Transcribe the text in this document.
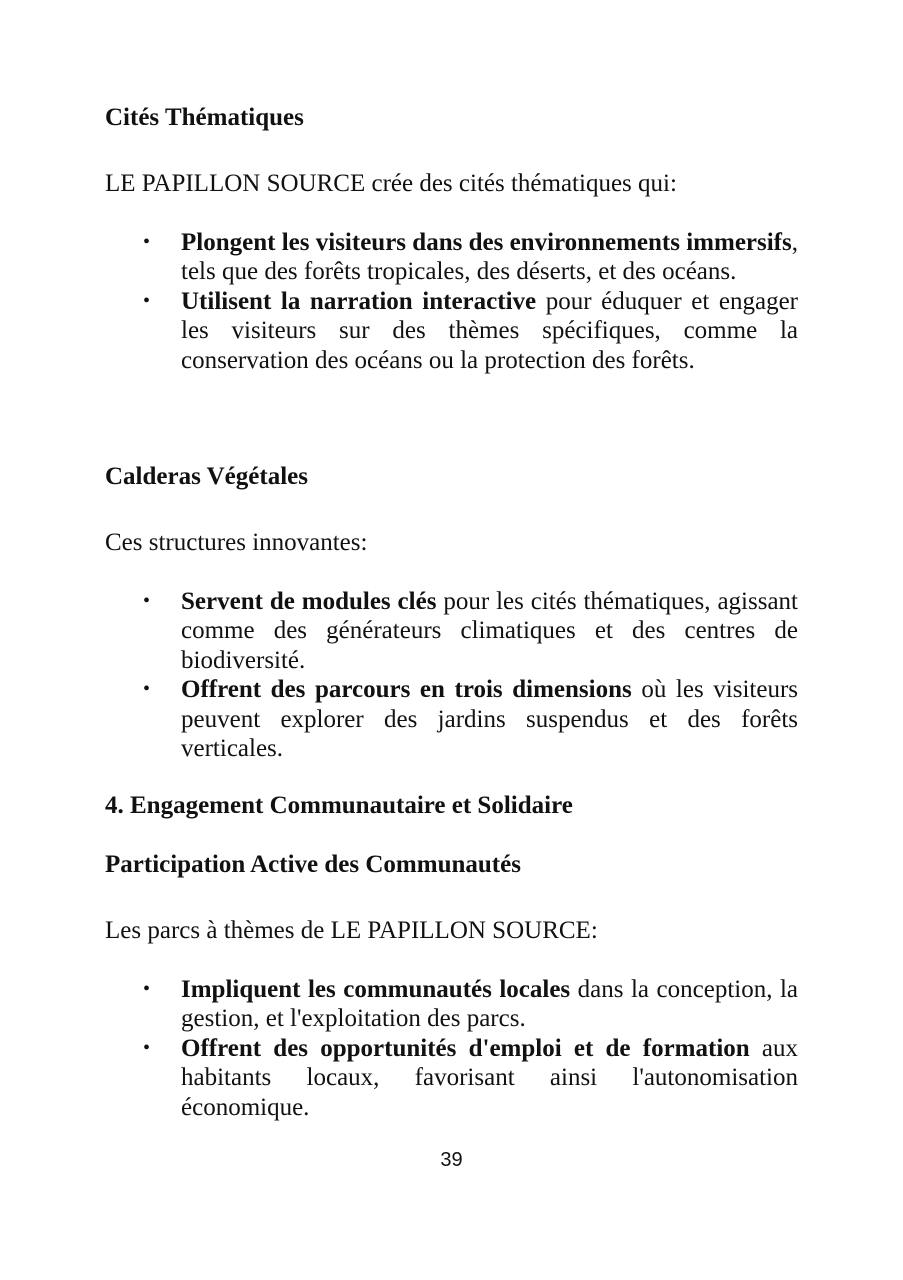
Cités Thématiques

LE PAPILLON SOURCE crée des cités thématiques qui:

• Plongent les visiteurs dans des environnements immersifs, tels que des forêts tropicales, des déserts, et des océans.
• Utilisent la narration interactive pour éduquer et engager les visiteurs sur des thèmes spécifiques, comme la conservation des océans ou la protection des forêts.
Calderas Végétales

Ces structures innovantes:

• Servent de modules clés pour les cités thématiques, agissant comme des générateurs climatiques et des centres de biodiversité.
• Offrent des parcours en trois dimensions où les visiteurs peuvent explorer des jardins suspendus et des forêts verticales.
4. Engagement Communautaire et Solidaire
Participation Active des Communautés

Les parcs à thèmes de LE PAPILLON SOURCE:

• Impliquent les communautés locales dans la conception, la gestion, et l'exploitation des parcs.
• Offrent des opportunités d'emploi et de formation aux habitants locaux, favorisant ainsi l'autonomisation économique.
39
